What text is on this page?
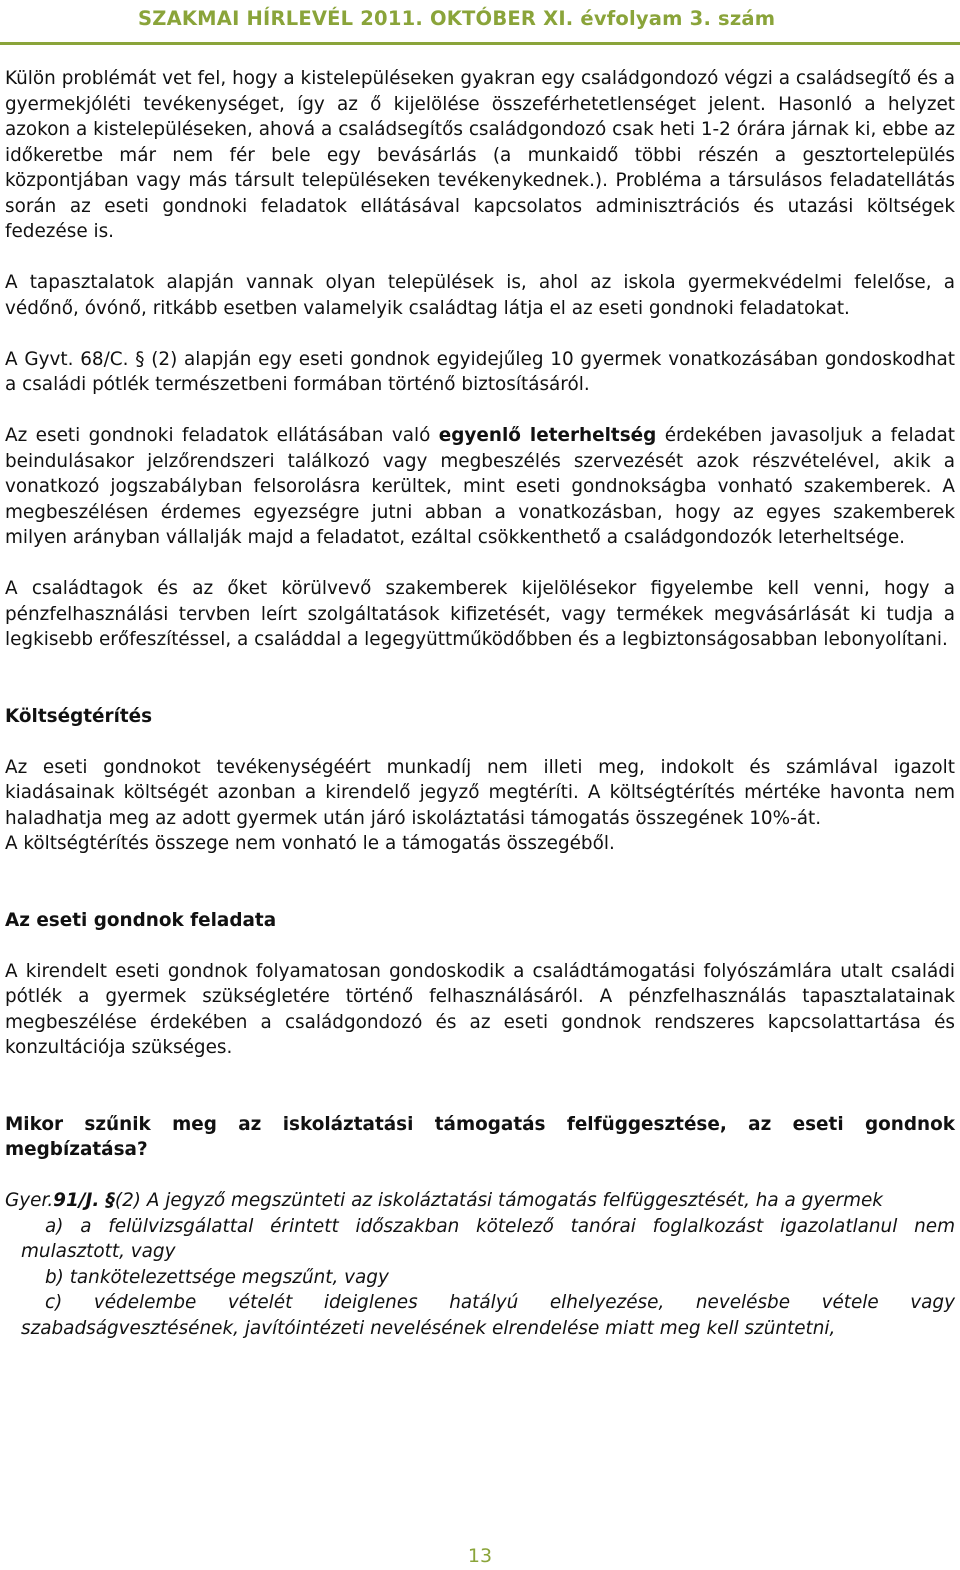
SZAKMAI HÍRLEVÉL 2011. OKTÓBER XI. évfolyam 3. szám

Külön problémát vet fel, hogy a kistelepüléseken gyakran egy családgondozó végzi a családsegítő és a gyermekjóléti tevékenységet, így az ő kijelölése összeférhetetlenséget jelent. Hasonló a helyzet azokon a kistelepüléseken, ahová a családsegítős családgondozó csak heti 1-2 órára járnak ki, ebbe az időkeretbe már nem fér bele egy bevásárlás (a munkaidő többi részén a gesztortelepülés központjában vagy más társult településeken tevékenykednek.). Probléma a társulásos feladatellátás során az eseti gondnoki feladatok ellátásával kapcsolatos adminisztrációs és utazási költségek fedezése is.

A tapasztalatok alapján vannak olyan települések is, ahol az iskola gyermekvédelmi felelőse, a védőnő, óvónő, ritkább esetben valamelyik családtag látja el az eseti gondnoki feladatokat.

A Gyvt. 68/C. § (2) alapján egy eseti gondnok egyidejűleg 10 gyermek vonatkozásában gondoskodhat a családi pótlék természetbeni formában történő biztosításáról.

Az eseti gondnoki feladatok ellátásában való egyenlő leterheltség érdekében javasoljuk a feladat beindulásakor jelzőrendszeri találkozó vagy megbeszélés szervezését azok részvételével, akik a vonatkozó jogszabályban felsorolásra kerültek, mint eseti gondnokságba vonható szakemberek. A megbeszélésen érdemes egyezségre jutni abban a vonatkozásban, hogy az egyes szakemberek milyen arányban vállalják majd a feladatot, ezáltal csökkenthető a családgondozók leterheltsége.

A családtagok és az őket körülvevő szakemberek kijelölésekor figyelembe kell venni, hogy a pénzfelhasználási tervben leírt szolgáltatások kifizetését, vagy termékek megvásárlását ki tudja a legkisebb erőfeszítéssel, a családdal a legegyüttműködőbben és a legbiztonságosabban lebonyolítani.

Költségtérítés

Az eseti gondnokot tevékenységéért munkadíj nem illeti meg, indokolt és számlával igazolt kiadásainak költségét azonban a kirendelő jegyző megtéríti. A költségtérítés mértéke havonta nem haladhatja meg az adott gyermek után járó iskoláztatási támogatás összegének 10%-át.

A költségtérítés összege nem vonható le a támogatás összegéből.

Az eseti gondnok feladata

A kirendelt eseti gondnok folyamatosan gondoskodik a családtámogatási folyószámlára utalt családi pótlék a gyermek szükségletére történő felhasználásáról. A pénzfelhasználás tapasztalatainak megbeszélése érdekében a családgondozó és az eseti gondnok rendszeres kapcsolattartása és konzultációja szükséges.

Mikor szűnik meg az iskoláztatási támogatás felfüggesztése, az eseti gondnok megbízatása?

Gyer.91/J. §(2) A jegyző megszünteti az iskoláztatási támogatás felfüggesztését, ha a gyermek

a) a felülvizsgálattal érintett időszakban kötelező tanórai foglalkozást igazolatlanul nem mulasztott, vagy

b) tankötelezettsége megszűnt, vagy

c) védelembe vételét ideiglenes hatályú elhelyezése, nevelésbe vétele vagy szabadságvesztésének, javítóintézeti nevelésének elrendelése miatt meg kell szüntetni,

13
